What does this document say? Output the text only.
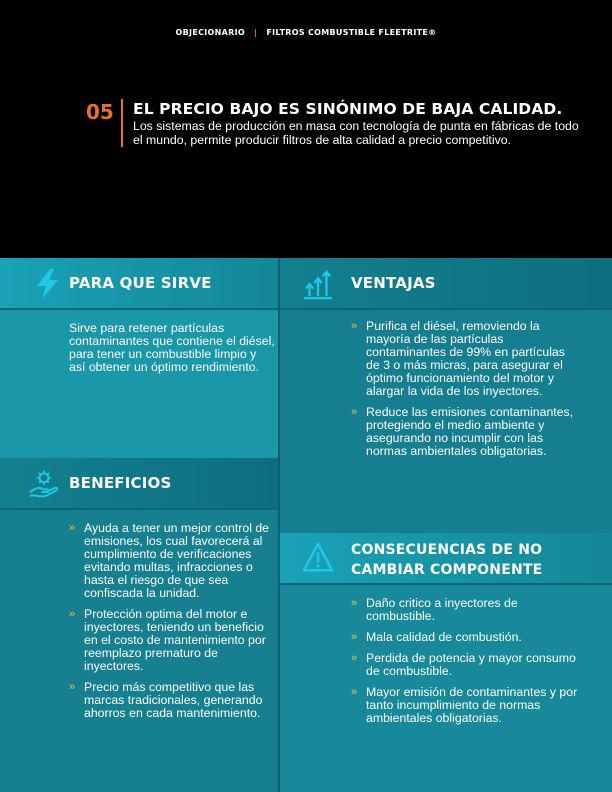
OBJECIONARIO | FILTROS COMBUSTIBLE FLEETRITE®
05 EL PRECIO BAJO ES SINÓNIMO DE BAJA CALIDAD.
Los sistemas de producción en masa con tecnología de punta en fábricas de todo el mundo, permite producir filtros de alta calidad a precio competitivo.
PARA QUE SIRVE
Sirve para retener partículas contaminantes que contiene el diésel, para tener un combustible limpio y así obtener un óptimo rendimiento.
BENEFICIOS
» Ayuda a tener un mejor control de emisiones, los cual favorecerá al cumplimiento de verificaciones evitando multas, infracciones o hasta el riesgo de que sea confiscada la unidad.
» Protección optima del motor e inyectores, teniendo un beneficio en el costo de mantenimiento por reemplazo prematuro de inyectores.
» Precio más competitivo que las marcas tradicionales, generando ahorros en cada mantenimiento.
VENTAJAS
» Purifica el diésel, removiendo la mayoría de las partículas contaminantes de 99% en partículas de 3 o más micras, para asegurar el óptimo funcionamiento del motor y alargar la vida de los inyectores.
» Reduce las emisiones contaminantes, protegiendo el medio ambiente y asegurando no incumplir con las normas ambientales obligatorias.
CONSECUENCIAS DE NO
CAMBIAR COMPONENTE
» Daño critico a inyectores de combustible.
» Mala calidad de combustión.
» Perdida de potencia y mayor consumo de combustible.
» Mayor emisión de contaminantes y por tanto incumplimiento de normas ambientales obligatorias.
